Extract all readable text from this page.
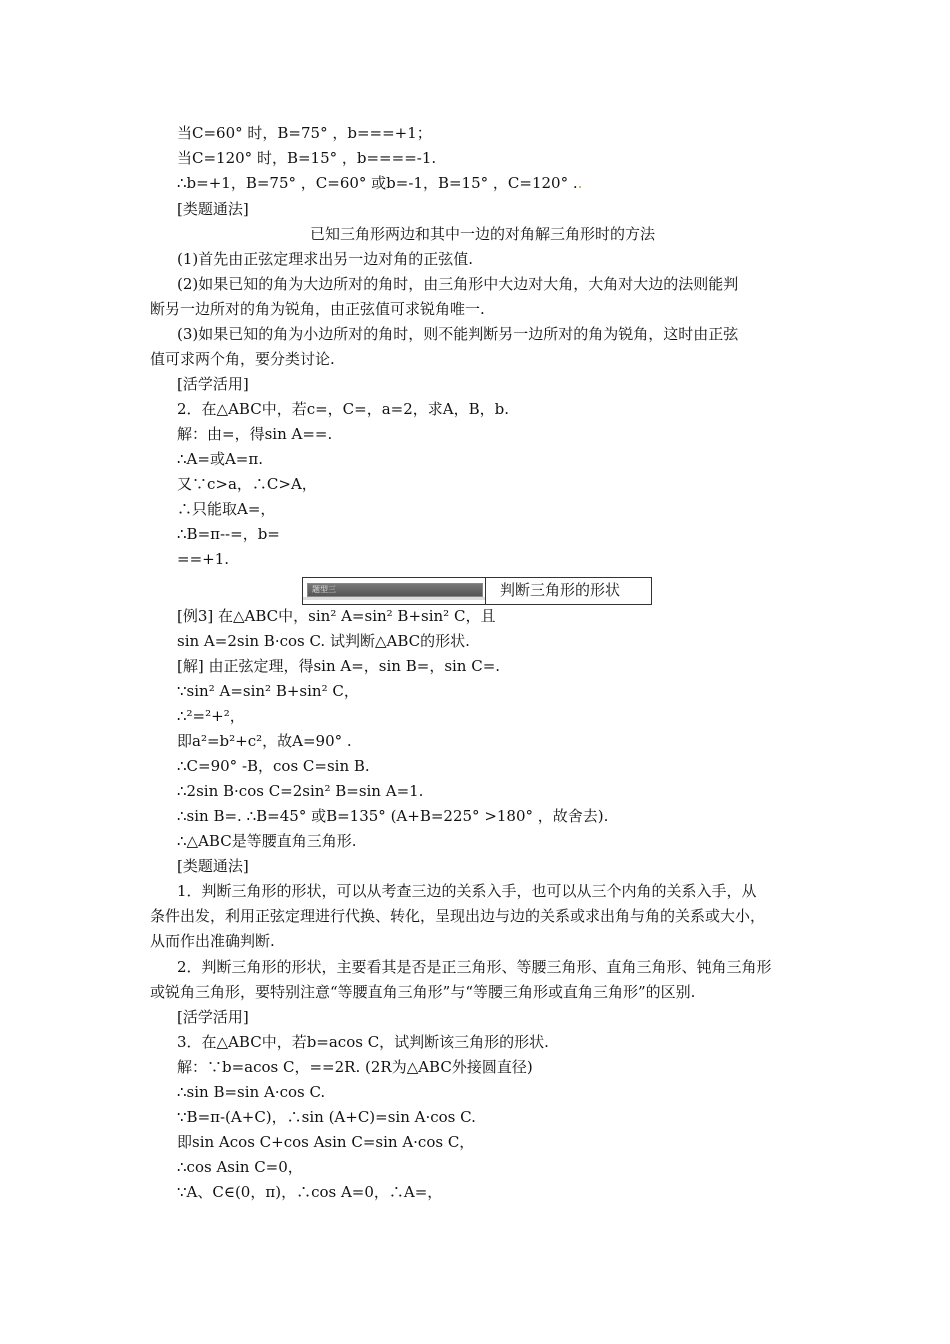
当C=60° 时，B=75° ，b===+1；
当C=120° 时，B=15° ，b====-1.
∴b=+1，B=75° ，C=60° 或b=-1，B=15° ，C=120° ..
[类题通法]
已知三角形两边和其中一边的对角解三角形时的方法
(1)首先由正弦定理求出另一边对角的正弦值.
(2)如果已知的角为大边所对的角时，由三角形中大边对大角，大角对大边的法则能判
断另一边所对的角为锐角，由正弦值可求锐角唯一.
(3)如果已知的角为小边所对的角时，则不能判断另一边所对的角为锐角，这时由正弦
值可求两个角，要分类讨论.
[活学活用]
2．在△ABC中，若c=，C=，a=2，求A，B，b.
解：由=，得sin A==.
∴A=或A=π.
又∵c>a，∴C>A，
∴只能取A=，
∴B=π--=，b=
==+1.
题型三	判断三角形的形状
[例3] 在△ABC中，sin² A=sin² B+sin² C，且
sin A=2sin B·cos C. 试判断△ABC的形状.
[解] 由正弦定理，得sin A=，sin B=，sin C=.
∵sin² A=sin² B+sin² C，
∴²=²+²，
即a²=b²+c²，故A=90° .
∴C=90° -B，cos C=sin B.
∴2sin B·cos C=2sin² B=sin A=1.
∴sin B=. ∴B=45° 或B=135° (A+B=225° >180° ，故舍去).
∴△ABC是等腰直角三角形.
[类题通法]
1．判断三角形的形状，可以从考查三边的关系入手，也可以从三个内角的关系入手，从
条件出发，利用正弦定理进行代换、转化，呈现出边与边的关系或求出角与角的关系或大小，
从而作出准确判断.
2．判断三角形的形状，主要看其是否是正三角形、等腰三角形、直角三角形、钝角三角形
或锐角三角形，要特别注意“等腰直角三角形”与“等腰三角形或直角三角形”的区别.
[活学活用]
3．在△ABC中，若b=acos C，试判断该三角形的形状.
解：∵b=acos C，==2R. (2R为△ABC外接圆直径)
∴sin B=sin A·cos C.
∵B=π-(A+C)，∴sin (A+C)=sin A·cos C.
即sin Acos C+cos Asin C=sin A·cos C，
∴cos Asin C=0，
∵A、C∈(0，π)，∴cos A=0，∴A=，
